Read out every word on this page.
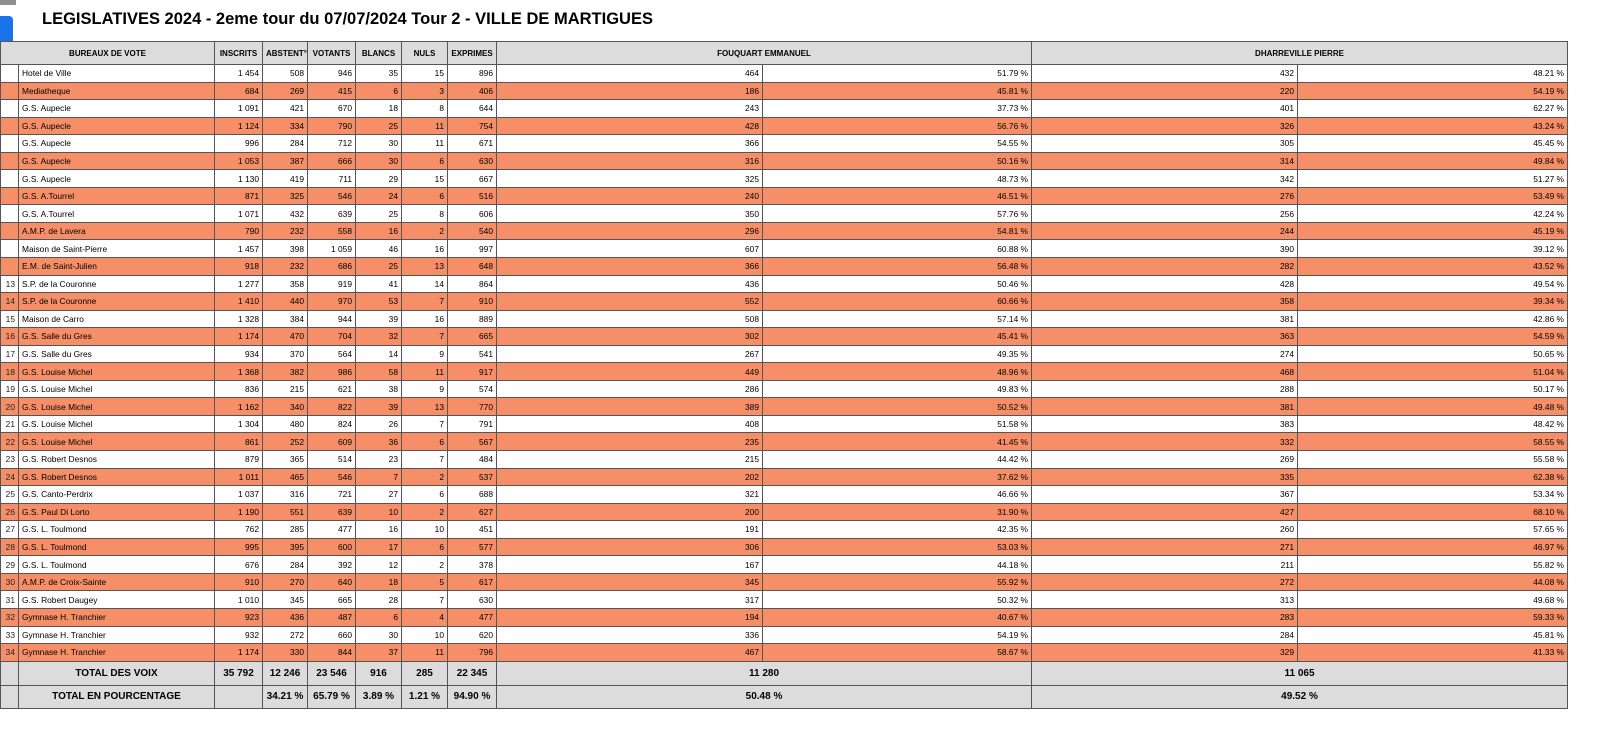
LEGISLATIVES 2024 - 2eme tour du 07/07/2024 Tour 2 - VILLE DE MARTIGUES
BUREAUX DE VOTE		INSCRITS	ABSTENT°	VOTANTS	BLANCS	NULS	EXPRIMES	FOUQUART EMMANUEL		DHARREVILLE PIERRE	
	Hotel de Ville	1 454	508	946	35	15	896	464	51.79 %	432	48.21 %
	Mediatheque	684	269	415	6	3	406	186	45.81 %	220	54.19 %
	G.S. Aupecle	1 091	421	670	18	8	644	243	37.73 %	401	62.27 %
	G.S. Aupecle	1 124	334	790	25	11	754	428	56.76 %	326	43.24 %
	G.S. Aupecle	996	284	712	30	11	671	366	54.55 %	305	45.45 %
	G.S. Aupecle	1 053	387	666	30	6	630	316	50.16 %	314	49.84 %
	G.S. Aupecle	1 130	419	711	29	15	667	325	48.73 %	342	51.27 %
	G.S. A.Tourrel	871	325	546	24	6	516	240	46.51 %	276	53.49 %
	G.S. A.Tourrel	1 071	432	639	25	8	606	350	57.76 %	256	42.24 %
	A.M.P. de Lavera	790	232	558	16	2	540	296	54.81 %	244	45.19 %
	Maison de Saint-Pierre	1 457	398	1 059	46	16	997	607	60.88 %	390	39.12 %
	E.M. de Saint-Julien	918	232	686	25	13	648	366	56.48 %	282	43.52 %
13	S.P. de la Couronne	1 277	358	919	41	14	864	436	50.46 %	428	49.54 %
14	S.P. de la Couronne	1 410	440	970	53	7	910	552	60.66 %	358	39.34 %
15	Maison de Carro	1 328	384	944	39	16	889	508	57.14 %	381	42.86 %
16	G.S. Salle du Gres	1 174	470	704	32	7	665	302	45.41 %	363	54.59 %
17	G.S. Salle du Gres	934	370	564	14	9	541	267	49.35 %	274	50.65 %
18	G.S. Louise Michel	1 368	382	986	58	11	917	449	48.96 %	468	51.04 %
19	G.S. Louise Michel	836	215	621	38	9	574	286	49.83 %	288	50.17 %
20	G.S. Louise Michel	1 162	340	822	39	13	770	389	50.52 %	381	49.48 %
21	G.S. Louise Michel	1 304	480	824	26	7	791	408	51.58 %	383	48.42 %
22	G.S. Louise Michel	861	252	609	36	6	567	235	41.45 %	332	58.55 %
23	G.S. Robert Desnos	879	365	514	23	7	484	215	44.42 %	269	55.58 %
24	G.S. Robert Desnos	1 011	465	546	7	2	537	202	37.62 %	335	62.38 %
25	G.S. Canto-Perdrix	1 037	316	721	27	6	688	321	46.66 %	367	53.34 %
26	G.S. Paul Di Lorto	1 190	551	639	10	2	627	200	31.90 %	427	68.10 %
27	G.S. L. Toulmond	762	285	477	16	10	451	191	42.35 %	260	57.65 %
28	G.S. L. Toulmond	995	395	600	17	6	577	306	53.03 %	271	46.97 %
29	G.S. L. Toulmond	676	284	392	12	2	378	167	44.18 %	211	55.82 %
30	A.M.P. de Croix-Sainte	910	270	640	18	5	617	345	55.92 %	272	44.08 %
31	G.S. Robert Daugey	1 010	345	665	28	7	630	317	50.32 %	313	49.68 %
32	Gymnase H. Tranchier	923	436	487	6	4	477	194	40.67 %	283	59.33 %
33	Gymnase H. Tranchier	932	272	660	30	10	620	336	54.19 %	284	45.81 %
34	Gymnase H. Tranchier	1 174	330	844	37	11	796	467	58.67 %	329	41.33 %
	TOTAL DES VOIX	35 792	12 246	23 546	916	285	22 345	11 280		11 065	
	TOTAL EN POURCENTAGE		34.21 %	65.79 %	3.89 %	1.21 %	94.90 %	50.48 %		49.52 %	
